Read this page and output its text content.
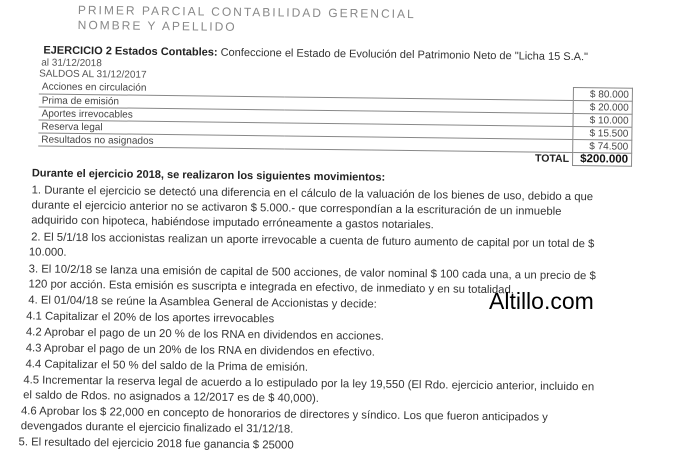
PRIMER PARCIAL CONTABILIDAD GERENCIAL
NOMBRE Y APELLIDO
EJERCICIO 2 Estados Contables: Confeccione el Estado de Evolución del Patrimonio Neto de "Licha 15 S.A."
al 31/12/2018
SALDOS AL 31/12/2017
Acciones en circulación		$ 80.000
Prima de emisión		$ 20.000
Aportes irrevocables		$ 10.000
Reserva legal		$ 15.500
Resultados no asignados		$ 74.500
	TOTAL	$200.000
Durante el ejercicio 2018, se realizaron los siguientes movimientos:
1. Durante el ejercicio se detectó una diferencia en el cálculo de la valuación de los bienes de uso, debido a que
durante el ejercicio anterior no se activaron $ 5.000.- que correspondían a la escrituración de un inmueble
adquirido con hipoteca, habiéndose imputado erróneamente a gastos notariales.
2. El 5/1/18 los accionistas realizan un aporte irrevocable a cuenta de futuro aumento de capital por un total de $
10.000.
3. El 10/2/18 se lanza una emisión de capital de 500 acciones, de valor nominal $ 100 cada una, a un precio de $
120 por acción. Esta emisión es suscripta e integrada en efectivo, de inmediato y en su totalidad.
4. El 01/04/18 se reúne la Asamblea General de Accionistas y decide:
4.1 Capitalizar el 20% de los aportes irrevocables
4.2 Aprobar el pago de un 20 % de los RNA en dividendos en acciones.
4.3 Aprobar el pago de un 20% de los RNA en dividendos en efectivo.
4.4 Capitalizar el 50 % del saldo de la Prima de emisión.
4.5 Incrementar la reserva legal de acuerdo a lo estipulado por la ley 19,550 (El Rdo. ejercicio anterior, incluido en
el saldo de Rdos. no asignados a 12/2017 es de $ 40,000).
4.6 Aprobar los $ 22,000 en concepto de honorarios de directores y síndico. Los que fueron anticipados y
devengados durante el ejercicio finalizado el 31/12/18.
5. El resultado del ejercicio 2018 fue ganancia $ 25000
Altillo.com
